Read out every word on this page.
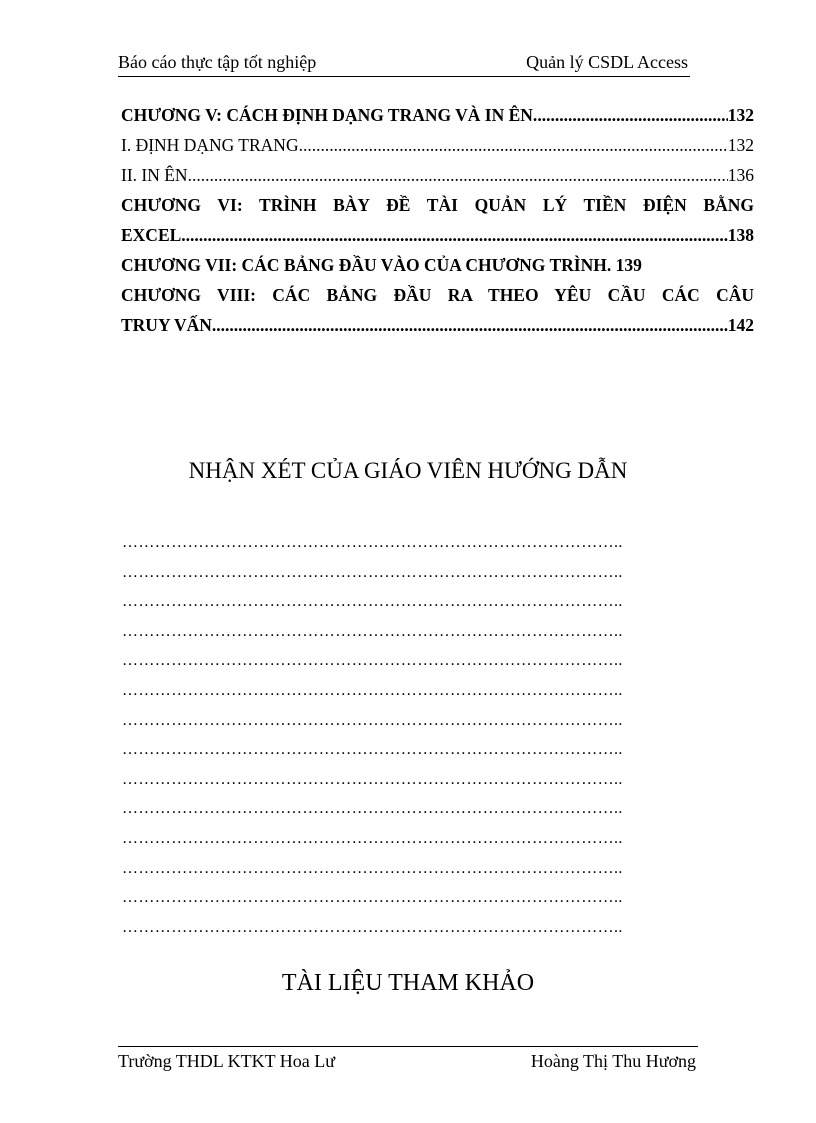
Báo cáo thực tập tốt nghiệp	Quản lý CSDL Access
CHƯƠNG V: CÁCH ĐỊNH DẠNG TRANG VÀ IN ÊN. .....	132
I. ĐỊNH DẠNG TRANG .....	132
II. IN ÊN .....	136
CHƯƠNG VI: TRÌNH BÀY ĐỀ TÀI QUẢN LÝ TIỀN ĐIỆN BẰNG
EXCEL .....	138
CHƯƠNG VII: CÁC BẢNG ĐẦU VÀO CỦA CHƯƠNG TRÌNH. 139
CHƯƠNG VIII: CÁC BẢNG ĐẦU RA THEO YÊU CẦU CÁC CÂU
TRUY VẤN. .....	142
NHẬN XÉT CỦA GIÁO VIÊN HƯỚNG DẪN
………………………………………………………………………………..
………………………………………………………………………………..
………………………………………………………………………………..
………………………………………………………………………………..
………………………………………………………………………………..
………………………………………………………………………………..
………………………………………………………………………………..
………………………………………………………………………………..
………………………………………………………………………………..
………………………………………………………………………………..
………………………………………………………………………………..
………………………………………………………………………………..
………………………………………………………………………………..
………………………………………………………………………………..
TÀI LIỆU THAM KHẢO
Trường THDL KTKT Hoa Lư	Hoàng Thị Thu Hương
